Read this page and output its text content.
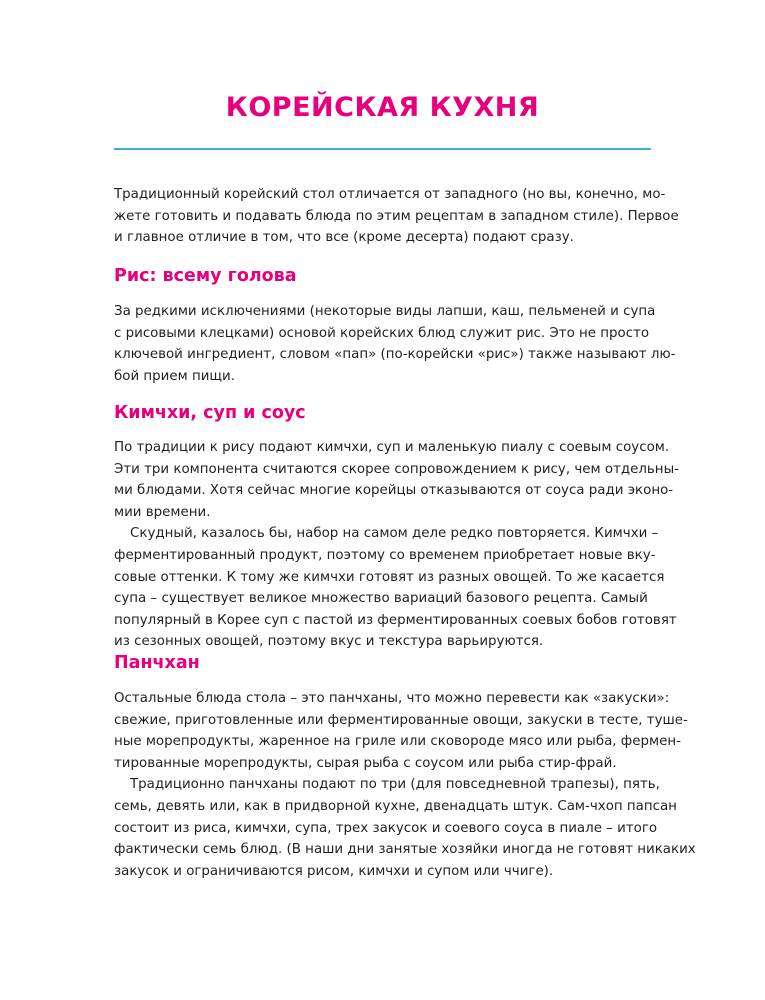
КОРЕЙСКАЯ КУХНЯ

Традиционный корейский стол отличается от западного (но вы, конечно, мо-
жете готовить и подавать блюда по этим рецептам в западном стиле). Первое
и главное отличие в том, что все (кроме десерта) подают сразу.

Рис: всему голова

За редкими исключениями (некоторые виды лапши, каш, пельменей и супа
с рисовыми клецками) основой корейских блюд служит рис. Это не просто
ключевой ингредиент, словом «пап» (по-корейски «рис») также называют лю-
бой прием пищи.

Кимчхи, суп и соус

По традиции к рису подают кимчхи, суп и маленькую пиалу с соевым соусом.
Эти три компонента считаются скорее сопровождением к рису, чем отдельны-
ми блюдами. Хотя сейчас многие корейцы отказываются от соуса ради эконо-
мии времени.
Скудный, казалось бы, набор на самом деле редко повторяется. Кимчхи –
ферментированный продукт, поэтому со временем приобретает новые вку-
совые оттенки. К тому же кимчхи готовят из разных овощей. То же касается
супа – существует великое множество вариаций базового рецепта. Самый
популярный в Корее суп с пастой из ферментированных соевых бобов готовят
из сезонных овощей, поэтому вкус и текстура варьируются.

Панчхан

Остальные блюда стола – это панчханы, что можно перевести как «закуски»:
свежие, приготовленные или ферментированные овощи, закуски в тесте, туше-
ные морепродукты, жаренное на гриле или сковороде мясо или рыба, фермен-
тированные морепродукты, сырая рыба с соусом или рыба стир-фрай.
Традиционно панчханы подают по три (для повседневной трапезы), пять,
семь, девять или, как в придворной кухне, двенадцать штук. Сам-чхоп папсан
состоит из риса, кимчхи, супа, трех закусок и соевого соуса в пиале – итого
фактически семь блюд. (В наши дни занятые хозяйки иногда не готовят никаких
закусок и ограничиваются рисом, кимчхи и супом или ччиге).
